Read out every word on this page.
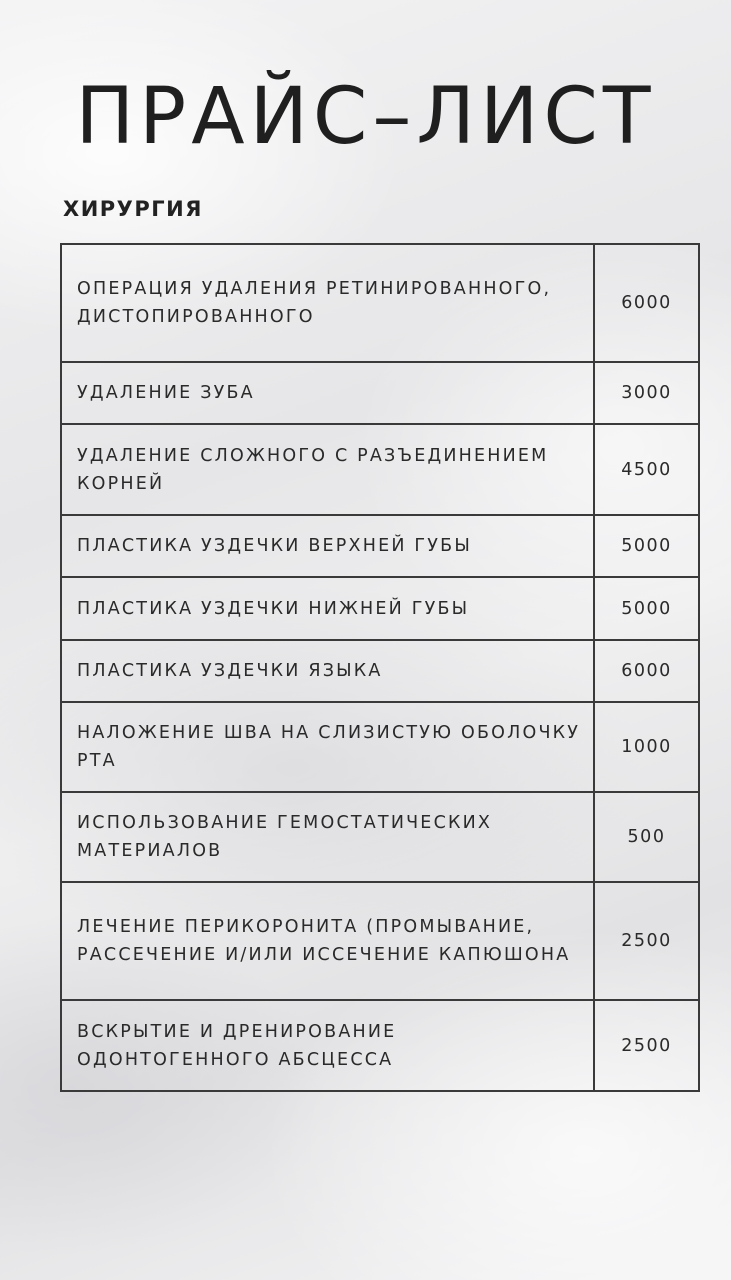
ПРАЙС–ЛИСТ
ХИРУРГИЯ
ОПЕРАЦИЯ УДАЛЕНИЯ РЕТИНИРОВАННОГО, ДИСТОПИРОВАННОГО	6000
УДАЛЕНИЕ ЗУБА	3000
УДАЛЕНИЕ СЛОЖНОГО С РАЗЪЕДИНЕНИЕМ КОРНЕЙ	4500
ПЛАСТИКА УЗДЕЧКИ ВЕРХНЕЙ ГУБЫ	5000
ПЛАСТИКА УЗДЕЧКИ НИЖНЕЙ ГУБЫ	5000
ПЛАСТИКА УЗДЕЧКИ ЯЗЫКА	6000
НАЛОЖЕНИЕ ШВА НА СЛИЗИСТУЮ ОБОЛОЧКУ РТА	1000
ИСПОЛЬЗОВАНИЕ ГЕМОСТАТИЧЕСКИХ МАТЕРИАЛОВ	500
ЛЕЧЕНИЕ ПЕРИКОРОНИТА (ПРОМЫВАНИЕ, РАССЕЧЕНИЕ И/ИЛИ ИССЕЧЕНИЕ КАПЮШОНА	2500
ВСКРЫТИЕ И ДРЕНИРОВАНИЕ ОДОНТОГЕННОГО АБСЦЕССА	2500
